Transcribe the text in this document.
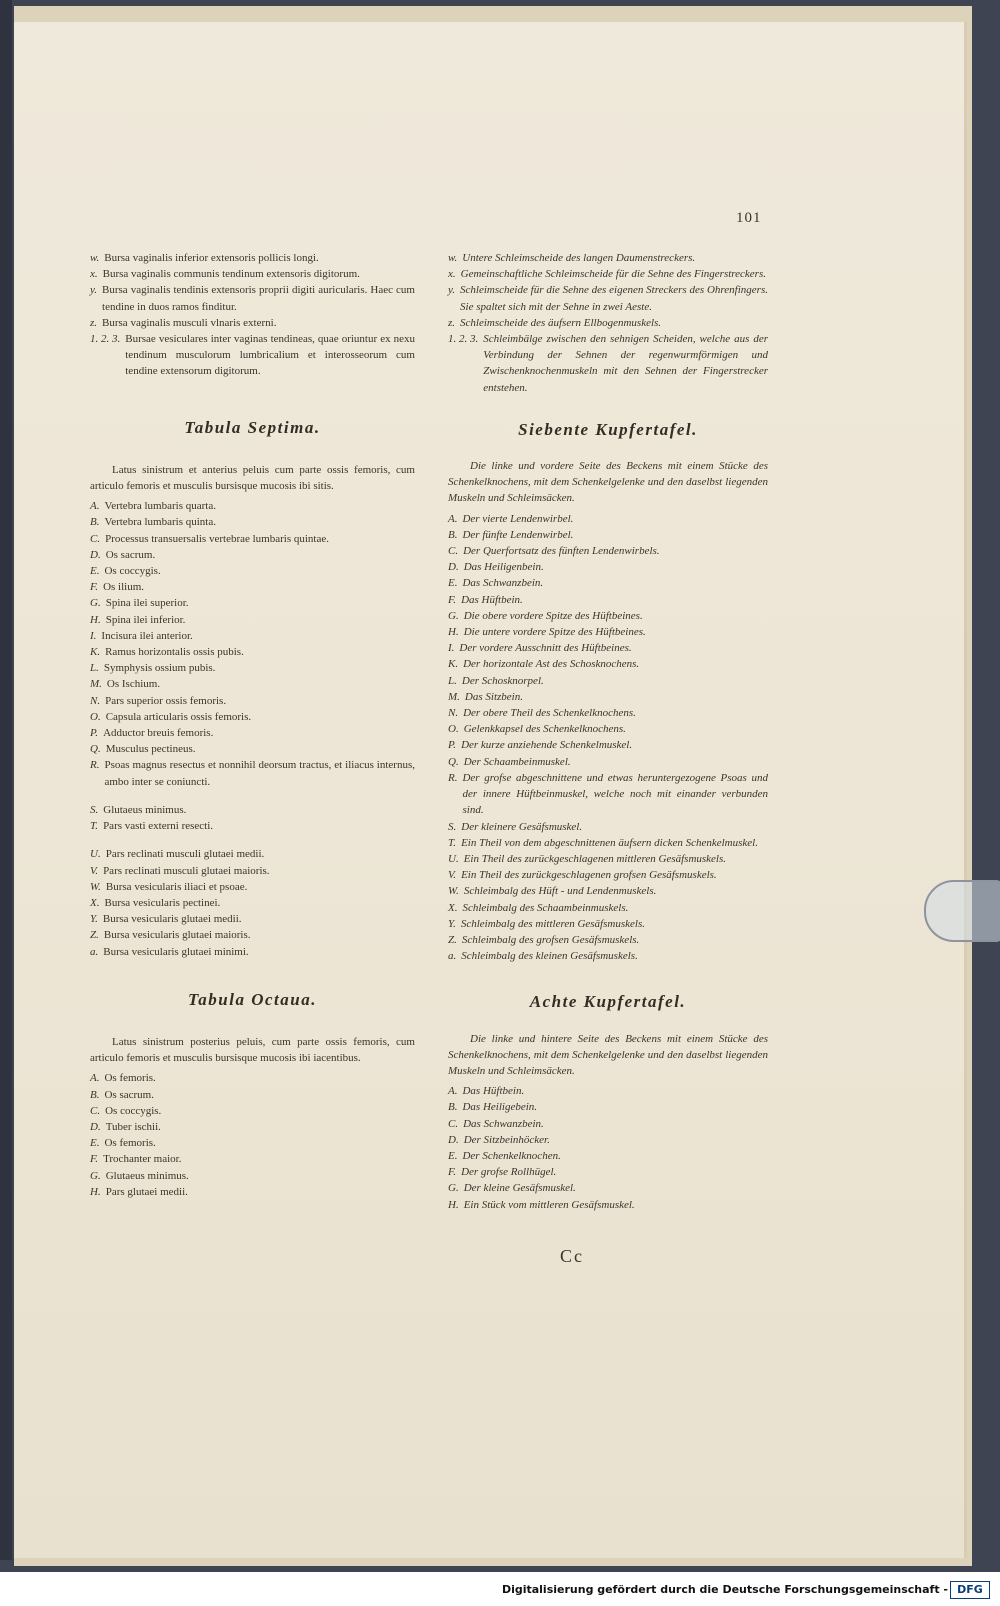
101
w. Bursa vaginalis inferior extensoris pollicis longi.
x. Bursa vaginalis communis tendinum extensoris digitorum.
y. Bursa vaginalis tendinis extensoris proprii digiti auricularis. Haec cum tendine in duos ramos finditur.
z. Bursa vaginalis musculi vlnaris externi.
1. 2. 3. Bursae vesiculares inter vaginas tendineas, quae oriuntur ex nexu tendinum musculorum lumbricalium et interosseorum cum tendine extensorum digitorum.
Tabula Septima.

Latus sinistrum et anterius peluis cum parte ossis femoris, cum articulo femoris et musculis bursisque mucosis ibi sitis.

A. Vertebra lumbaris quarta.
B. Vertebra lumbaris quinta.
C. Processus transuersalis vertebrae lumbaris quintae.
D. Os sacrum.
E. Os coccygis.
F. Os ilium.
G. Spina ilei superior.
H. Spina ilei inferior.
I. Incisura ilei anterior.
K. Ramus horizontalis ossis pubis.
L. Symphysis ossium pubis.
M. Os Ischium.
N. Pars superior ossis femoris.
O. Capsula articularis ossis femoris.
P. Adductor breuis femoris.
Q. Musculus pectineus.
R. Psoas magnus resectus et nonnihil deorsum tractus, et iliacus internus, ambo inter se coniuncti.
S. Glutaeus minimus.
T. Pars vasti externi resecti.
U. Pars reclinati musculi glutaei medii.
V. Pars reclinati musculi glutaei maioris.
W. Bursa vesicularis iliaci et psoae.
X. Bursa vesicularis pectinei.
Y. Bursa vesicularis glutaei medii.
Z. Bursa vesicularis glutaei maioris.
a. Bursa vesicularis glutaei minimi.
Tabula Octaua.

Latus sinistrum posterius peluis, cum parte ossis femoris, cum articulo femoris et musculis bursisque mucosis ibi iacentibus.

A. Os femoris.
B. Os sacrum.
C. Os coccygis.
D. Tuber ischii.
E. Os femoris.
F. Trochanter maior.
G. Glutaeus minimus.
H. Pars glutaei medii.
w. Untere Schleimscheide des langen Daumenstreckers.
x. Gemeinschaftliche Schleimscheide für die Sehne des Fingerstreckers.
y. Schleimscheide für die Sehne des eigenen Streckers des Ohrenfingers. Sie spaltet sich mit der Sehne in zwei Aeste.
z. Schleimscheide des äufsern Ellbogenmuskels.
1. 2. 3. Schleimbälge zwischen den sehnigen Scheiden, welche aus der Verbindung der Sehnen der regenwurmförmigen und Zwischenknochenmuskeln mit den Sehnen der Fingerstrecker entstehen.
Siebente Kupfertafel.

Die linke und vordere Seite des Beckens mit einem Stücke des Schenkelknochens, mit dem Schenkelgelenke und den daselbst liegenden Muskeln und Schleimsäcken.

A. Der vierte Lendenwirbel.
B. Der fünfte Lendenwirbel.
C. Der Querfortsatz des fünften Lendenwirbels.
D. Das Heiligenbein.
E. Das Schwanzbein.
F. Das Hüftbein.
G. Die obere vordere Spitze des Hüftbeines.
H. Die untere vordere Spitze des Hüftbeines.
I. Der vordere Ausschnitt des Hüftbeines.
K. Der horizontale Ast des Schosknochens.
L. Der Schosknorpel.
M. Das Sitzbein.
N. Der obere Theil des Schenkelknochens.
O. Gelenkkapsel des Schenkelknochens.
P. Der kurze anziehende Schenkelmuskel.
Q. Der Schaambeinmuskel.
R. Der grofse abgeschnittene und etwas heruntergezogene Psoas und der innere Hüftbeinmuskel, welche noch mit einander verbunden sind.
S. Der kleinere Gesäfsmuskel.
T. Ein Theil von dem abgeschnittenen äufsern dicken Schenkelmuskel.
U. Ein Theil des zurückgeschlagenen mittleren Gesäfsmuskels.
V. Ein Theil des zurückgeschlagenen grofsen Gesäfsmuskels.
W. Schleimbalg des Hüft - und Lendenmuskels.
X. Schleimbalg des Schaambeinmuskels.
Y. Schleimbalg des mittleren Gesäfsmuskels.
Z. Schleimbalg des grofsen Gesäfsmuskels.
a. Schleimbalg des kleinen Gesäfsmuskels.
Achte Kupfertafel.

Die linke und hintere Seite des Beckens mit einem Stücke des Schenkelknochens, mit dem Schenkelgelenke und den daselbst liegenden Muskeln und Schleimsäcken.

A. Das Hüftbein.
B. Das Heiligebein.
C. Das Schwanzbein.
D. Der Sitzbeinhöcker.
E. Der Schenkelknochen.
F. Der grofse Rollhügel.
G. Der kleine Gesäfsmuskel.
H. Ein Stück vom mittleren Gesäfsmuskel.
Cc
Digitalisierung gefördert durch die Deutsche Forschungsgemeinschaft - DFG
